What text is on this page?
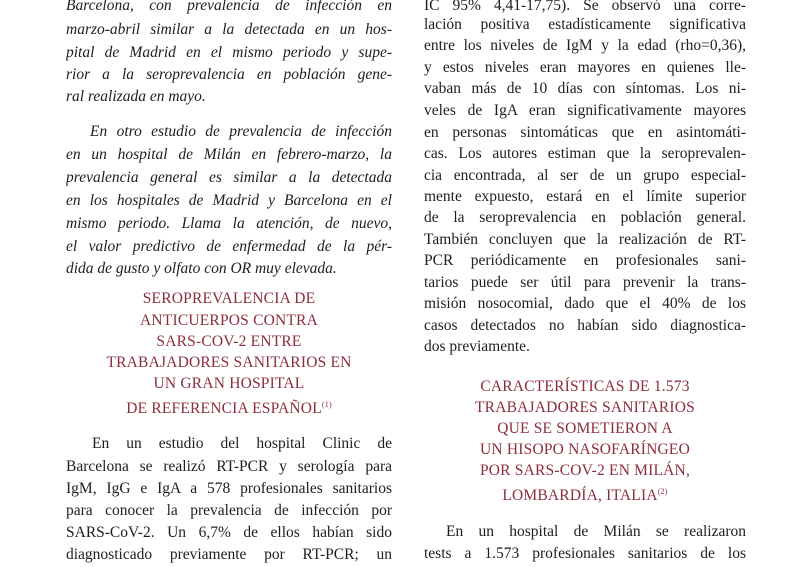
Barcelona, con prevalencia de infección en
marzo-abril similar a la detectada en un hos-
pital de Madrid en el mismo periodo y supe-
rior a la seroprevalencia en población gene-
ral realizada en mayo.
En otro estudio de prevalencia de infección
en un hospital de Milán en febrero-marzo, la
prevalencia general es similar a la detectada
en los hospitales de Madrid y Barcelona en el
mismo periodo. Llama la atención, de nuevo,
el valor predictivo de enfermedad de la pér-
dida de gusto y olfato con OR muy elevada.
SEROPREVALENCIA DE
ANTICUERPOS CONTRA
SARS-COV-2 ENTRE
TRABAJADORES SANITARIOS EN
UN GRAN HOSPITAL
DE REFERENCIA ESPAÑOL$^{(1)}$
En un estudio del hospital Clinic de
Barcelona se realizó RT-PCR y serología para
IgM, IgG e IgA a 578 profesionales sanitarios
para conocer la prevalencia de infección por
SARS-CoV-2. Un 6,7% de ellos habían sido
diagnosticado previamente por RT-PCR; un
IC 95% 4,41-17,75). Se observó una corre-
lación positiva estadísticamente significativa
entre los niveles de IgM y la edad (rho=0,36),
y estos niveles eran mayores en quienes lle-
vaban más de 10 días con síntomas. Los ni-
veles de IgA eran significativamente mayores
en personas sintomáticas que en asintomáti-
cas. Los autores estiman que la seroprevalen-
cia encontrada, al ser de un grupo especial-
mente expuesto, estará en el límite superior
de la seroprevalencia en población general.
También concluyen que la realización de RT-
PCR periódicamente en profesionales sani-
tarios puede ser útil para prevenir la trans-
misión nosocomial, dado que el 40% de los
casos detectados no habían sido diagnostica-
dos previamente.
CARACTERÍSTICAS DE 1.573
TRABAJADORES SANITARIOS
QUE SE SOMETIERON A
UN HISOPO NASOFARÍNGEO
POR SARS-COV-2 EN MILÁN,
LOMBARDÍA, ITALIA$^{(2)}$
En un hospital de Milán se realizaron
tests a 1.573 profesionales sanitarios de los
